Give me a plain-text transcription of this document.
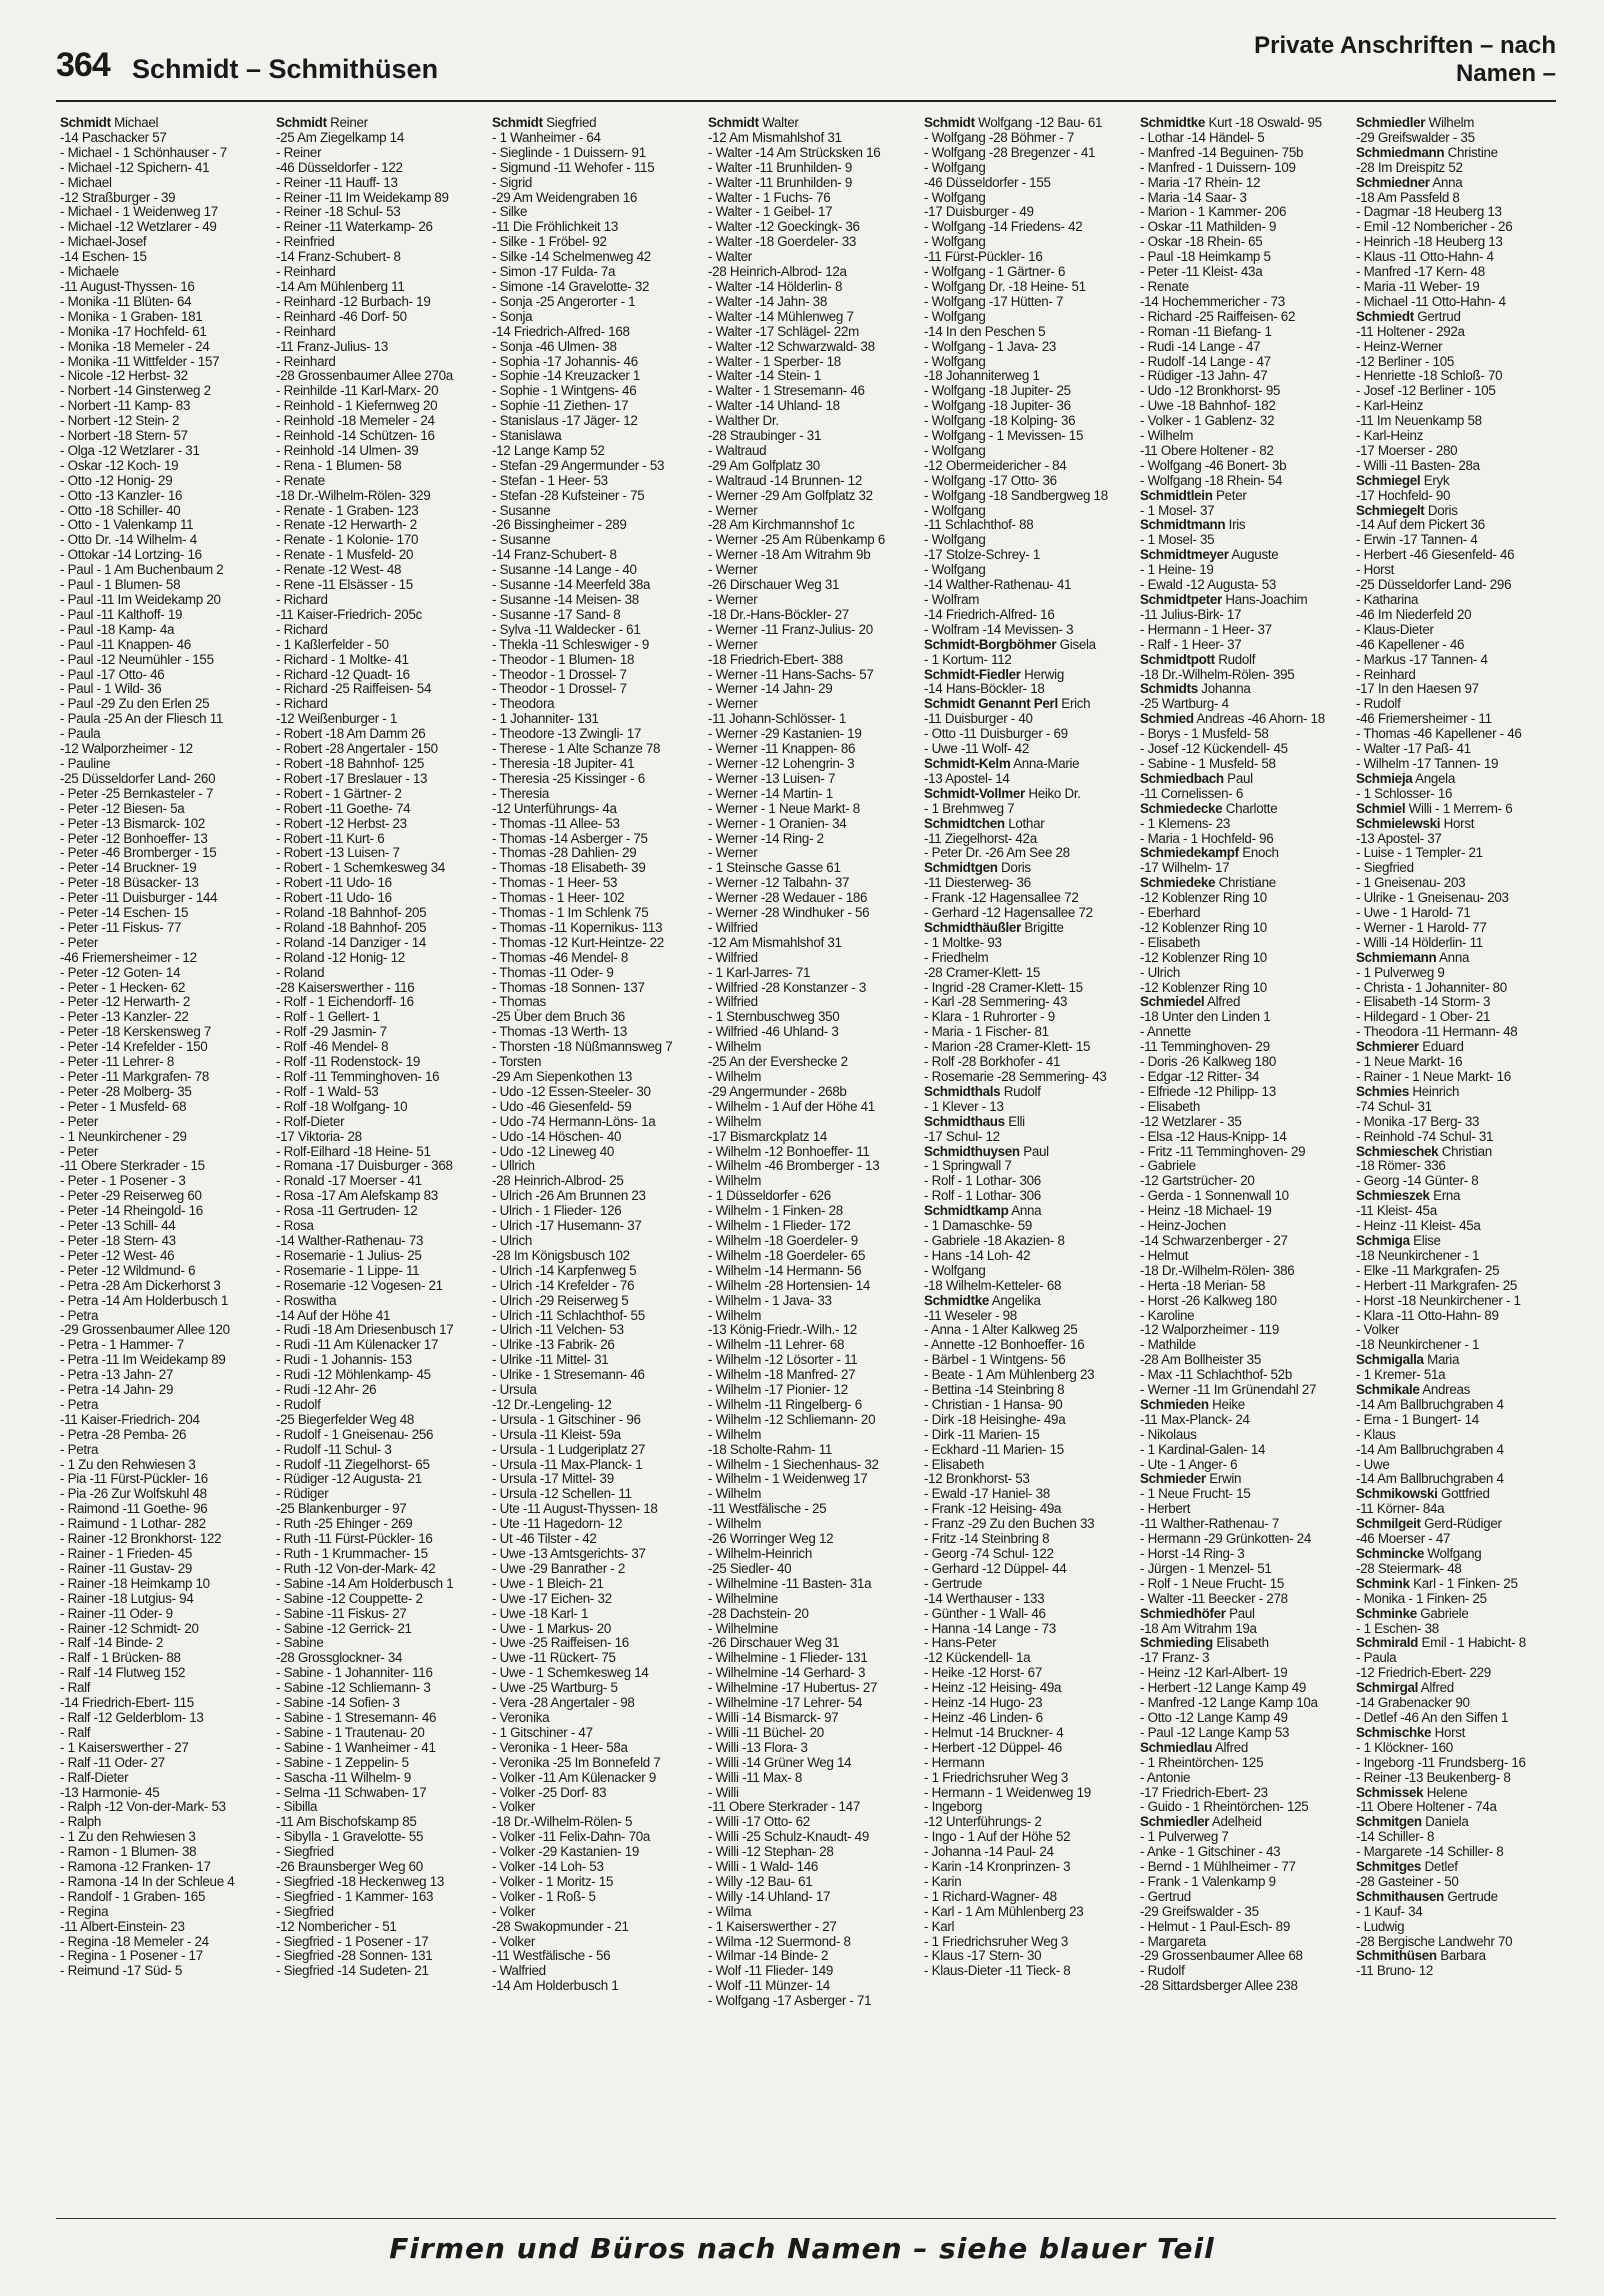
364 Schmidt – Schmithüsen
Private Anschriften – nach Namen –
Schmidt Michael
-14 Paschacker 57
- Michael - 1 Schönhauser - 7
- Michael -12 Spichern- 41
- Michael
-12 Straßburger - 39
- Michael - 1 Weidenweg 17
- Michael -12 Wetzlarer - 49
- Michael-Josef
-14 Eschen- 15
- Michaele
-11 August-Thyssen- 16
- Monika -11 Blüten- 64
- Monika - 1 Graben- 181
- Monika -17 Hochfeld- 61
- Monika -18 Memeler - 24
- Monika -11 Wittfelder - 157
- Nicole -12 Herbst- 32
- Norbert -14 Ginsterweg 2
- Norbert -11 Kamp- 83
- Norbert -12 Stein- 2
- Norbert -18 Stern- 57
- Olga -12 Wetzlarer - 31
- Oskar -12 Koch- 19
- Otto -12 Honig- 29
- Otto -13 Kanzler- 16
- Otto -18 Schiller- 40
- Otto - 1 Valenkamp 11
- Otto Dr. -14 Wilhelm- 4
- Ottokar -14 Lortzing- 16
- Paul - 1 Am Buchenbaum 2
- Paul - 1 Blumen- 58
- Paul -11 Im Weidekamp 20
- Paul -11 Kalthoff- 19
- Paul -18 Kamp- 4a
- Paul -11 Knappen- 46
- Paul -12 Neumühler - 155
- Paul -17 Otto- 46
- Paul - 1 Wild- 36
- Paul -29 Zu den Erlen 25
- Paula -25 An der Fliesch 11
- Paula
-12 Walporzheimer - 12
- Pauline
-25 Düsseldorfer Land- 260
- Peter -25 Bernkasteler - 7
- Peter -12 Biesen- 5a
- Peter -13 Bismarck- 102
- Peter -12 Bonhoeffer- 13
- Peter -46 Bromberger - 15
- Peter -14 Bruckner- 19
- Peter -18 Büsacker- 13
- Peter -11 Duisburger - 144
- Peter -14 Eschen- 15
- Peter -11 Fiskus- 77
- Peter
-46 Friemersheimer - 12
- Peter -12 Goten- 14
- Peter - 1 Hecken- 62
- Peter -12 Herwarth- 2
- Peter -13 Kanzler- 22
- Peter -18 Kerskensweg 7
- Peter -14 Krefelder - 150
- Peter -11 Lehrer- 8
- Peter -11 Markgrafen- 78
- Peter -28 Molberg- 35
- Peter - 1 Musfeld- 68
- Peter
- 1 Neunkirchener - 29
- Peter
-11 Obere Sterkrader - 15
- Peter - 1 Posener - 3
- Peter -29 Reiserweg 60
- Peter -14 Rheingold- 16
- Peter -13 Schill- 44
- Peter -18 Stern- 43
- Peter -12 West- 46
- Peter -12 Wildmund- 6
- Petra -28 Am Dickerhorst 3
- Petra -14 Am Holderbusch 1
- Petra
-29 Grossenbaumer Allee 120
- Petra - 1 Hammer- 7
- Petra -11 Im Weidekamp 89
- Petra -13 Jahn- 27
- Petra -14 Jahn- 29
- Petra
-11 Kaiser-Friedrich- 204
- Petra -28 Pemba- 26
- Petra
- 1 Zu den Rehwiesen 3
- Pia -11 Fürst-Pückler- 16
- Pia -26 Zur Wolfskuhl 48
- Raimond -11 Goethe- 96
- Raimund - 1 Lothar- 282
- Rainer -12 Bronkhorst- 122
- Rainer - 1 Frieden- 45
- Rainer -11 Gustav- 29
- Rainer -18 Heimkamp 10
- Rainer -18 Lutgius- 94
- Rainer -11 Oder- 9
- Rainer -12 Schmidt- 20
- Ralf -14 Binde- 2
- Ralf - 1 Brücken- 88
- Ralf -14 Flutweg 152
- Ralf
-14 Friedrich-Ebert- 115
- Ralf -12 Gelderblom- 13
- Ralf
- 1 Kaiserswerther - 27
- Ralf -11 Oder- 27
- Ralf-Dieter
-13 Harmonie- 45
- Ralph -12 Von-der-Mark- 53
- Ralph
- 1 Zu den Rehwiesen 3
- Ramon - 1 Blumen- 38
- Ramona -12 Franken- 17
- Ramona -14 In der Schleue 4
- Randolf - 1 Graben- 165
- Regina
-11 Albert-Einstein- 23
- Regina -18 Memeler - 24
- Regina - 1 Posener - 17
- Reimund -17 Süd- 5
Schmidt Reiner
-25 Am Ziegelkamp 14
- Reiner
-46 Düsseldorfer - 122
- Reiner -11 Hauff- 13
- Reiner -11 Im Weidekamp 89
- Reiner -18 Schul- 53
- Reiner -11 Waterkamp- 26
- Reinfried
-14 Franz-Schubert- 8
- Reinhard
-14 Am Mühlenberg 11
- Reinhard -12 Burbach- 19
- Reinhard -46 Dorf- 50
- Reinhard
-11 Franz-Julius- 13
- Reinhard
-28 Grossenbaumer Allee 270a
- Reinhilde -11 Karl-Marx- 20
- Reinhold - 1 Kiefernweg 20
- Reinhold -18 Memeler - 24
- Reinhold -14 Schützen- 16
- Reinhold -14 Ulmen- 39
- Rena - 1 Blumen- 58
- Renate
-18 Dr.-Wilhelm-Rölen- 329
- Renate - 1 Graben- 123
- Renate -12 Herwarth- 2
- Renate - 1 Kolonie- 170
- Renate - 1 Musfeld- 20
- Renate -12 West- 48
- Rene -11 Elsässer - 15
- Richard
-11 Kaiser-Friedrich- 205c
- Richard
- 1 Kaßlerfelder - 50
- Richard - 1 Moltke- 41
- Richard -12 Quadt- 16
- Richard -25 Raiffeisen- 54
- Richard
-12 Weißenburger - 1
- Robert -18 Am Damm 26
- Robert -28 Angertaler - 150
- Robert -18 Bahnhof- 125
- Robert -17 Breslauer - 13
- Robert - 1 Gärtner- 2
- Robert -11 Goethe- 74
- Robert -12 Herbst- 23
- Robert -11 Kurt- 6
- Robert -13 Luisen- 7
- Robert - 1 Schemkesweg 34
- Robert -11 Udo- 16
- Robert -11 Udo- 16
- Roland -18 Bahnhof- 205
- Roland -18 Bahnhof- 205
- Roland -14 Danziger - 14
- Roland -12 Honig- 12
- Roland
-28 Kaiserswerther - 116
- Rolf - 1 Eichendorff- 16
- Rolf - 1 Gellert- 1
- Rolf -29 Jasmin- 7
- Rolf -46 Mendel- 8
- Rolf -11 Rodenstock- 19
- Rolf -11 Temminghoven- 16
- Rolf - 1 Wald- 53
- Rolf -18 Wolfgang- 10
- Rolf-Dieter
-17 Viktoria- 28
- Rolf-Eilhard -18 Heine- 51
- Romana -17 Duisburger - 368
- Ronald -17 Moerser - 41
- Rosa -17 Am Alefskamp 83
- Rosa -11 Gertruden- 12
- Rosa
-14 Walther-Rathenau- 73
- Rosemarie - 1 Julius- 25
- Rosemarie - 1 Lippe- 11
- Rosemarie -12 Vogesen- 21
- Roswitha
-14 Auf der Höhe 41
- Rudi -18 Am Driesenbusch 17
- Rudi -11 Am Külenacker 17
- Rudi - 1 Johannis- 153
- Rudi -12 Möhlenkamp- 45
- Rudi -12 Ahr- 26
- Rudolf
-25 Biegerfelder Weg 48
- Rudolf - 1 Gneisenau- 256
- Rudolf -11 Schul- 3
- Rudolf -11 Ziegelhorst- 65
- Rüdiger -12 Augusta- 21
- Rüdiger
-25 Blankenburger - 97
- Ruth -25 Ehinger - 269
- Ruth -11 Fürst-Pückler- 16
- Ruth - 1 Krummacher- 15
- Ruth -12 Von-der-Mark- 42
- Sabine -14 Am Holderbusch 1
- Sabine -12 Couppette- 2
- Sabine -11 Fiskus- 27
- Sabine -12 Gerrick- 21
- Sabine
-28 Grossglockner- 34
- Sabine - 1 Johanniter- 116
- Sabine -12 Schliemann- 3
- Sabine -14 Sofien- 3
- Sabine - 1 Stresemann- 46
- Sabine - 1 Trautenau- 20
- Sabine - 1 Wanheimer - 41
- Sabine - 1 Zeppelin- 5
- Sascha -11 Wilhelm- 9
- Selma -11 Schwaben- 17
- Sibilla
-11 Am Bischofskamp 85
- Sibylla - 1 Gravelotte- 55
- Siegfried
-26 Braunsberger Weg 60
- Siegfried -18 Heckenweg 13
- Siegfried - 1 Kammer- 163
- Siegfried
-12 Nombericher - 51
- Siegfried - 1 Posener - 17
- Siegfried -28 Sonnen- 131
- Siegfried -14 Sudeten- 21
Schmidt Siegfried
- 1 Wanheimer - 64
- Sieglinde - 1 Duissern- 91
- Sigmund -11 Wehofer - 115
- Sigrid
-29 Am Weidengraben 16
- Silke
-11 Die Fröhlichkeit 13
- Silke - 1 Fröbel- 92
- Silke -14 Schelmenweg 42
- Simon -17 Fulda- 7a
- Simone -14 Gravelotte- 32
- Sonja -25 Angerorter - 1
- Sonja
-14 Friedrich-Alfred- 168
- Sonja -46 Ulmen- 38
- Sophia -17 Johannis- 46
- Sophie -14 Kreuzacker 1
- Sophie - 1 Wintgens- 46
- Sophie -11 Ziethen- 17
- Stanislaus -17 Jäger- 12
- Stanislawa
-12 Lange Kamp 52
- Stefan -29 Angermunder - 53
- Stefan - 1 Heer- 53
- Stefan -28 Kufsteiner - 75
- Susanne
-26 Bissingheimer - 289
- Susanne
-14 Franz-Schubert- 8
- Susanne -14 Lange - 40
- Susanne -14 Meerfeld 38a
- Susanne -14 Meisen- 38
- Susanne -17 Sand- 8
- Sylva -11 Waldecker - 61
- Thekla -11 Schleswiger - 9
- Theodor - 1 Blumen- 18
- Theodor - 1 Drossel- 7
- Theodor - 1 Drossel- 7
- Theodora
- 1 Johanniter- 131
- Theodore -13 Zwingli- 17
- Therese - 1 Alte Schanze 78
- Theresia -18 Jupiter- 41
- Theresia -25 Kissinger - 6
- Theresia
-12 Unterführungs- 4a
- Thomas -11 Allee- 53
- Thomas -14 Asberger - 75
- Thomas -28 Dahlien- 29
- Thomas -18 Elisabeth- 39
- Thomas - 1 Heer- 53
- Thomas - 1 Heer- 102
- Thomas - 1 Im Schlenk 75
- Thomas -11 Kopernikus- 113
- Thomas -12 Kurt-Heintze- 22
- Thomas -46 Mendel- 8
- Thomas -11 Oder- 9
- Thomas -18 Sonnen- 137
- Thomas
-25 Über dem Bruch 36
- Thomas -13 Werth- 13
- Thorsten -18 Nüßmannsweg 7
- Torsten
-29 Am Siepenkothen 13
- Udo -12 Essen-Steeler- 30
- Udo -46 Giesenfeld- 59
- Udo -74 Hermann-Löns- 1a
- Udo -14 Höschen- 40
- Udo -12 Lineweg 40
- Ullrich
-28 Heinrich-Albrod- 25
- Ulrich -26 Am Brunnen 23
- Ulrich - 1 Flieder- 126
- Ulrich -17 Husemann- 37
- Ulrich
-28 Im Königsbusch 102
- Ulrich -14 Karpfenweg 5
- Ulrich -14 Krefelder - 76
- Ulrich -29 Reiserweg 5
- Ulrich -11 Schlachthof- 55
- Ulrich -11 Velchen- 53
- Ulrike -13 Fabrik- 26
- Ulrike -11 Mittel- 31
- Ulrike - 1 Stresemann- 46
- Ursula
-12 Dr.-Lengeling- 12
- Ursula - 1 Gitschiner - 96
- Ursula -11 Kleist- 59a
- Ursula - 1 Ludgeriplatz 27
- Ursula -11 Max-Planck- 1
- Ursula -17 Mittel- 39
- Ursula -12 Schellen- 11
- Ute -11 August-Thyssen- 18
- Ute -11 Hagedorn- 12
- Ut -46 Tilster - 42
- Uwe -13 Amtsgerichts- 37
- Uwe -29 Banrather - 2
- Uwe - 1 Bleich- 21
- Uwe -17 Eichen- 32
- Uwe -18 Karl- 1
- Uwe - 1 Markus- 20
- Uwe -25 Raiffeisen- 16
- Uwe -11 Rückert- 75
- Uwe - 1 Schemkesweg 14
- Uwe -25 Wartburg- 5
- Vera -28 Angertaler - 98
- Veronika
- 1 Gitschiner - 47
- Veronika - 1 Heer- 58a
- Veronika -25 Im Bonnefeld 7
- Volker -11 Am Külenacker 9
- Volker -25 Dorf- 83
- Volker
-18 Dr.-Wilhelm-Rölen- 5
- Volker -11 Felix-Dahn- 70a
- Volker -29 Kastanien- 19
- Volker -14 Loh- 53
- Volker - 1 Moritz- 15
- Volker - 1 Roß- 5
- Volker
-28 Swakopmunder - 21
- Volker
-11 Westfälische - 56
- Walfried
-14 Am Holderbusch 1
Schmidt Walter
-12 Am Mismahlshof 31
- Walter -14 Am Strücksken 16
- Walter -11 Brunhilden- 9
- Walter -11 Brunhilden- 9
- Walter - 1 Fuchs- 76
- Walter - 1 Geibel- 17
- Walter -12 Goeckingk- 36
- Walter -18 Goerdeler- 33
- Walter
-28 Heinrich-Albrod- 12a
- Walter -14 Hölderlin- 8
- Walter -14 Jahn- 38
- Walter -14 Mühlenweg 7
- Walter -17 Schlägel- 22m
- Walter -12 Schwarzwald- 38
- Walter - 1 Sperber- 18
- Walter -14 Stein- 1
- Walter - 1 Stresemann- 46
- Walter -14 Uhland- 18
- Walther Dr.
-28 Straubinger - 31
- Waltraud
-29 Am Golfplatz 30
- Waltraud -14 Brunnen- 12
- Werner -29 Am Golfplatz 32
- Werner
-28 Am Kirchmannshof 1c
- Werner -25 Am Rübenkamp 6
- Werner -18 Am Witrahm 9b
- Werner
-26 Dirschauer Weg 31
- Werner
-18 Dr.-Hans-Böckler- 27
- Werner -11 Franz-Julius- 20
- Werner
-18 Friedrich-Ebert- 388
- Werner -11 Hans-Sachs- 57
- Werner -14 Jahn- 29
- Werner
-11 Johann-Schlösser- 1
- Werner -29 Kastanien- 19
- Werner -11 Knappen- 86
- Werner -12 Lohengrin- 3
- Werner -13 Luisen- 7
- Werner -14 Martin- 1
- Werner - 1 Neue Markt- 8
- Werner - 1 Oranien- 34
- Werner -14 Ring- 2
- Werner
- 1 Steinsche Gasse 61
- Werner -12 Talbahn- 37
- Werner -28 Wedauer - 186
- Werner -28 Windhuker - 56
- Wilfried
-12 Am Mismahlshof 31
- Wilfried
- 1 Karl-Jarres- 71
- Wilfried -28 Konstanzer - 3
- Wilfried
- 1 Sternbuschweg 350
- Wilfried -46 Uhland- 3
- Wilhelm
-25 An der Evershecke 2
- Wilhelm
-29 Angermunder - 268b
- Wilhelm - 1 Auf der Höhe 41
- Wilhelm
-17 Bismarckplatz 14
- Wilhelm -12 Bonhoeffer- 11
- Wilhelm -46 Bromberger - 13
- Wilhelm
- 1 Düsseldorfer - 626
- Wilhelm - 1 Finken- 28
- Wilhelm - 1 Flieder- 172
- Wilhelm -18 Goerdeler- 9
- Wilhelm -18 Goerdeler- 65
- Wilhelm -14 Hermann- 56
- Wilhelm -28 Hortensien- 14
- Wilhelm - 1 Java- 33
- Wilhelm
-13 König-Friedr.-Wilh.- 12
- Wilhelm -11 Lehrer- 68
- Wilhelm -12 Lösorter - 11
- Wilhelm -18 Manfred- 27
- Wilhelm -17 Pionier- 12
- Wilhelm -11 Ringelberg- 6
- Wilhelm -12 Schliemann- 20
- Wilhelm
-18 Scholte-Rahm- 11
- Wilhelm - 1 Siechenhaus- 32
- Wilhelm - 1 Weidenweg 17
- Wilhelm
-11 Westfälische - 25
- Wilhelm
-26 Worringer Weg 12
- Wilhelm-Heinrich
-25 Siedler- 40
- Wilhelmine -11 Basten- 31a
- Wilhelmine
-28 Dachstein- 20
- Wilhelmine
-26 Dirschauer Weg 31
- Wilhelmine - 1 Flieder- 131
- Wilhelmine -14 Gerhard- 3
- Wilhelmine -17 Hubertus- 27
- Wilhelmine -17 Lehrer- 54
- Willi -14 Bismarck- 97
- Willi -11 Büchel- 20
- Willi -13 Flora- 3
- Willi -14 Grüner Weg 14
- Willi -11 Max- 8
- Willi
-11 Obere Sterkrader - 147
- Willi -17 Otto- 62
- Willi -25 Schulz-Knaudt- 49
- Willi -12 Stephan- 28
- Willi - 1 Wald- 146
- Willy -12 Bau- 61
- Willy -14 Uhland- 17
- Wilma
- 1 Kaiserswerther - 27
- Wilma -12 Suermond- 8
- Wilmar -14 Binde- 2
- Wolf -11 Flieder- 149
- Wolf -11 Münzer- 14
- Wolfgang -17 Asberger - 71
Schmidt Wolfgang -12 Bau- 61
- Wolfgang -28 Böhmer - 7
- Wolfgang -28 Bregenzer - 41
- Wolfgang
-46 Düsseldorfer - 155
- Wolfgang
-17 Duisburger - 49
- Wolfgang -14 Friedens- 42
- Wolfgang
-11 Fürst-Pückler- 16
- Wolfgang - 1 Gärtner- 6
- Wolfgang Dr. -18 Heine- 51
- Wolfgang -17 Hütten- 7
- Wolfgang
-14 In den Peschen 5
- Wolfgang - 1 Java- 23
- Wolfgang
-18 Johanniterweg 1
- Wolfgang -18 Jupiter- 25
- Wolfgang -18 Jupiter- 36
- Wolfgang -18 Kolping- 36
- Wolfgang - 1 Mevissen- 15
- Wolfgang
-12 Obermeidericher - 84
- Wolfgang -17 Otto- 36
- Wolfgang -18 Sandbergweg 18
- Wolfgang
-11 Schlachthof- 88
- Wolfgang
-17 Stolze-Schrey- 1
- Wolfgang
-14 Walther-Rathenau- 41
- Wolfram
-14 Friedrich-Alfred- 16
- Wolfram -14 Mevissen- 3
Schmidt-Borgböhmer Gisela
- 1 Kortum- 112
Schmidt-Fiedler Herwig
-14 Hans-Böckler- 18
Schmidt Genannt Perl Erich
-11 Duisburger - 40
- Otto -11 Duisburger - 69
- Uwe -11 Wolf- 42
Schmidt-Kelm Anna-Marie
-13 Apostel- 14
Schmidt-Vollmer Heiko Dr.
- 1 Brehmweg 7
Schmidtchen Lothar
-11 Ziegelhorst- 42a
- Peter Dr. -26 Am See 28
Schmidtgen Doris
-11 Diesterweg- 36
- Frank -12 Hagensallee 72
- Gerhard -12 Hagensallee 72
Schmidthäußler Brigitte
- 1 Moltke- 93
- Friedhelm
-28 Cramer-Klett- 15
- Ingrid -28 Cramer-Klett- 15
- Karl -28 Semmering- 43
- Klara - 1 Ruhrorter - 9
- Maria - 1 Fischer- 81
- Marion -28 Cramer-Klett- 15
- Rolf -28 Borkhofer - 41
- Rosemarie -28 Semmering- 43
Schmidthals Rudolf
- 1 Klever - 13
Schmidthaus Elli
-17 Schul- 12
Schmidthuysen Paul
- 1 Springwall 7
- Rolf - 1 Lothar- 306
- Rolf - 1 Lothar- 306
Schmidtkamp Anna
- 1 Damaschke- 59
- Gabriele -18 Akazien- 8
- Hans -14 Loh- 42
- Wolfgang
-18 Wilhelm-Ketteler- 68
Schmidtke Angelika
-11 Weseler - 98
- Anna - 1 Alter Kalkweg 25
- Annette -12 Bonhoeffer- 16
- Bärbel - 1 Wintgens- 56
- Beate - 1 Am Mühlenberg 23
- Bettina -14 Steinbring 8
- Christian - 1 Hansa- 90
- Dirk -18 Heisinghe- 49a
- Dirk -11 Marien- 15
- Eckhard -11 Marien- 15
- Elisabeth
-12 Bronkhorst- 53
- Ewald -17 Haniel- 38
- Frank -12 Heising- 49a
- Franz -29 Zu den Buchen 33
- Fritz -14 Steinbring 8
- Georg -74 Schul- 122
- Gerhard -12 Düppel- 44
- Gertrude
-14 Werthauser - 133
- Günther - 1 Wall- 46
- Hanna -14 Lange - 73
- Hans-Peter
-12 Kückendell- 1a
- Heike -12 Horst- 67
- Heinz -12 Heising- 49a
- Heinz -14 Hugo- 23
- Heinz -46 Linden- 6
- Helmut -14 Bruckner- 4
- Herbert -12 Düppel- 46
- Hermann
- 1 Friedrichsruher Weg 3
- Hermann - 1 Weidenweg 19
- Ingeborg
-12 Unterführungs- 2
- Ingo - 1 Auf der Höhe 52
- Johanna -14 Paul- 24
- Karin -14 Kronprinzen- 3
- Karin
- 1 Richard-Wagner- 48
- Karl - 1 Am Mühlenberg 23
- Karl
- 1 Friedrichsruher Weg 3
- Klaus -17 Stern- 30
- Klaus-Dieter -11 Tieck- 8
Schmidtke Kurt -18 Oswald- 95
- Lothar -14 Händel- 5
- Manfred -14 Beguinen- 75b
- Manfred - 1 Duissern- 109
- Maria -17 Rhein- 12
- Maria -14 Saar- 3
- Marion - 1 Kammer- 206
- Oskar -11 Mathilden- 9
- Oskar -18 Rhein- 65
- Paul -18 Heimkamp 5
- Peter -11 Kleist- 43a
- Renate
-14 Hochemmericher - 73
- Richard -25 Raiffeisen- 62
- Roman -11 Biefang- 1
- Rudi -14 Lange - 47
- Rudolf -14 Lange - 47
- Rüdiger -13 Jahn- 47
- Udo -12 Bronkhorst- 95
- Uwe -18 Bahnhof- 182
- Volker - 1 Gablenz- 32
- Wilhelm
-11 Obere Holtener - 82
- Wolfgang -46 Bonert- 3b
- Wolfgang -18 Rhein- 54
Schmidtlein Peter
- 1 Mosel- 37
Schmidtmann Iris
- 1 Mosel- 35
Schmidtmeyer Auguste
- 1 Heine- 19
- Ewald -12 Augusta- 53
Schmidtpeter Hans-Joachim
-11 Julius-Birk- 17
- Hermann - 1 Heer- 37
- Ralf - 1 Heer- 37
Schmidtpott Rudolf
-18 Dr.-Wilhelm-Rölen- 395
Schmidts Johanna
-25 Wartburg- 4
Schmied Andreas -46 Ahorn- 18
- Borys - 1 Musfeld- 58
- Josef -12 Kückendell- 45
- Sabine - 1 Musfeld- 58
Schmiedbach Paul
-11 Cornelissen- 6
Schmiedecke Charlotte
- 1 Klemens- 23
- Maria - 1 Hochfeld- 96
Schmiedekampf Enoch
-17 Wilhelm- 17
Schmiedeke Christiane
-12 Koblenzer Ring 10
- Eberhard
-12 Koblenzer Ring 10
- Elisabeth
-12 Koblenzer Ring 10
- Ulrich
-12 Koblenzer Ring 10
Schmiedel Alfred
-18 Unter den Linden 1
- Annette
-11 Temminghoven- 29
- Doris -26 Kalkweg 180
- Edgar -12 Ritter- 34
- Elfriede -12 Philipp- 13
- Elisabeth
-12 Wetzlarer - 35
- Elsa -12 Haus-Knipp- 14
- Fritz -11 Temminghoven- 29
- Gabriele
-12 Gartstrücher- 20
- Gerda - 1 Sonnenwall 10
- Heinz -18 Michael- 19
- Heinz-Jochen
-14 Schwarzenberger - 27
- Helmut
-18 Dr.-Wilhelm-Rölen- 386
- Herta -18 Merian- 58
- Horst -26 Kalkweg 180
- Karoline
-12 Walporzheimer - 119
- Mathilde
-28 Am Bollheister 35
- Max -11 Schlachthof- 52b
- Werner -11 Im Grünendahl 27
Schmieden Heike
-11 Max-Planck- 24
- Nikolaus
- 1 Kardinal-Galen- 14
- Ute - 1 Anger- 6
Schmieder Erwin
- 1 Neue Frucht- 15
- Herbert
-11 Walther-Rathenau- 7
- Hermann -29 Grünkotten- 24
- Horst -14 Ring- 3
- Jürgen - 1 Menzel- 51
- Rolf - 1 Neue Frucht- 15
- Walter -11 Beecker - 278
Schmiedhöfer Paul
-18 Am Witrahm 19a
Schmieding Elisabeth
-17 Franz- 3
- Heinz -12 Karl-Albert- 19
- Herbert -12 Lange Kamp 49
- Manfred -12 Lange Kamp 10a
- Otto -12 Lange Kamp 49
- Paul -12 Lange Kamp 53
Schmiedlau Alfred
- 1 Rheintörchen- 125
- Antonie
-17 Friedrich-Ebert- 23
- Guido - 1 Rheintörchen- 125
Schmiedler Adelheid
- 1 Pulverweg 7
- Anke - 1 Gitschiner - 43
- Bernd - 1 Mühlheimer - 77
- Frank - 1 Valenkamp 9
- Gertrud
-29 Greifswalder - 35
- Helmut - 1 Paul-Esch- 89
- Margareta
-29 Grossenbaumer Allee 68
- Rudolf
-28 Sittardsberger Allee 238
Schmiedler Wilhelm
-29 Greifswalder - 35
Schmiedmann Christine
-28 Im Dreispitz 52
Schmiedner Anna
-18 Am Passfeld 8
- Dagmar -18 Heuberg 13
- Emil -12 Nombericher - 26
- Heinrich -18 Heuberg 13
- Klaus -11 Otto-Hahn- 4
- Manfred -17 Kern- 48
- Maria -11 Weber- 19
- Michael -11 Otto-Hahn- 4
Schmiedt Gertrud
-11 Holtener - 292a
- Heinz-Werner
-12 Berliner - 105
- Henriette -18 Schloß- 70
- Josef -12 Berliner - 105
- Karl-Heinz
-11 Im Neuenkamp 58
- Karl-Heinz
-17 Moerser - 280
- Willi -11 Basten- 28a
Schmiegel Eryk
-17 Hochfeld- 90
Schmiegelt Doris
-14 Auf dem Pickert 36
- Erwin -17 Tannen- 4
- Herbert -46 Giesenfeld- 46
- Horst
-25 Düsseldorfer Land- 296
- Katharina
-46 Im Niederfeld 20
- Klaus-Dieter
-46 Kapellener - 46
- Markus -17 Tannen- 4
- Reinhard
-17 In den Haesen 97
- Rudolf
-46 Friemersheimer - 11
- Thomas -46 Kapellener - 46
- Walter -17 Paß- 41
- Wilhelm -17 Tannen- 19
Schmieja Angela
- 1 Schlosser- 16
Schmiel Willi - 1 Merrem- 6
Schmielewski Horst
-13 Apostel- 37
- Luise - 1 Templer- 21
- Siegfried
- 1 Gneisenau- 203
- Ulrike - 1 Gneisenau- 203
- Uwe - 1 Harold- 71
- Werner - 1 Harold- 77
- Willi -14 Hölderlin- 11
Schmiemann Anna
- 1 Pulverweg 9
- Christa - 1 Johanniter- 80
- Elisabeth -14 Storm- 3
- Hildegard - 1 Ober- 21
- Theodora -11 Hermann- 48
Schmierer Eduard
- 1 Neue Markt- 16
- Rainer - 1 Neue Markt- 16
Schmies Heinrich
-74 Schul- 31
- Monika -17 Berg- 33
- Reinhold -74 Schul- 31
Schmieschek Christian
-18 Römer- 336
- Georg -14 Günter- 8
Schmieszek Erna
-11 Kleist- 45a
- Heinz -11 Kleist- 45a
Schmiga Elise
-18 Neunkirchener - 1
- Elke -11 Markgrafen- 25
- Herbert -11 Markgrafen- 25
- Horst -18 Neunkirchener - 1
- Klara -11 Otto-Hahn- 89
- Volker
-18 Neunkirchener - 1
Schmigalla Maria
- 1 Kremer- 51a
Schmikale Andreas
-14 Am Ballbruchgraben 4
- Erna - 1 Bungert- 14
- Klaus
-14 Am Ballbruchgraben 4
- Uwe
-14 Am Ballbruchgraben 4
Schmikowski Gottfried
-11 Körner- 84a
Schmilgeit Gerd-Rüdiger
-46 Moerser - 47
Schmincke Wolfgang
-28 Steiermark- 48
Schmink Karl - 1 Finken- 25
- Monika - 1 Finken- 25
Schminke Gabriele
- 1 Eschen- 38
Schmirald Emil - 1 Habicht- 8
- Paula
-12 Friedrich-Ebert- 229
Schmirgal Alfred
-14 Grabenacker 90
- Detlef -46 An den Siffen 1
Schmischke Horst
- 1 Klöckner- 160
- Ingeborg -11 Frundsberg- 16
- Reiner -13 Beukenberg- 8
Schmissek Helene
-11 Obere Holtener - 74a
Schmitgen Daniela
-14 Schiller- 8
- Margarete -14 Schiller- 8
Schmitges Detlef
-28 Gasteiner - 50
Schmithausen Gertrude
- 1 Kauf- 34
- Ludwig
-28 Bergische Landwehr 70
Schmithüsen Barbara
-11 Bruno- 12
Firmen und Büros nach Namen – siehe blauer Teil
